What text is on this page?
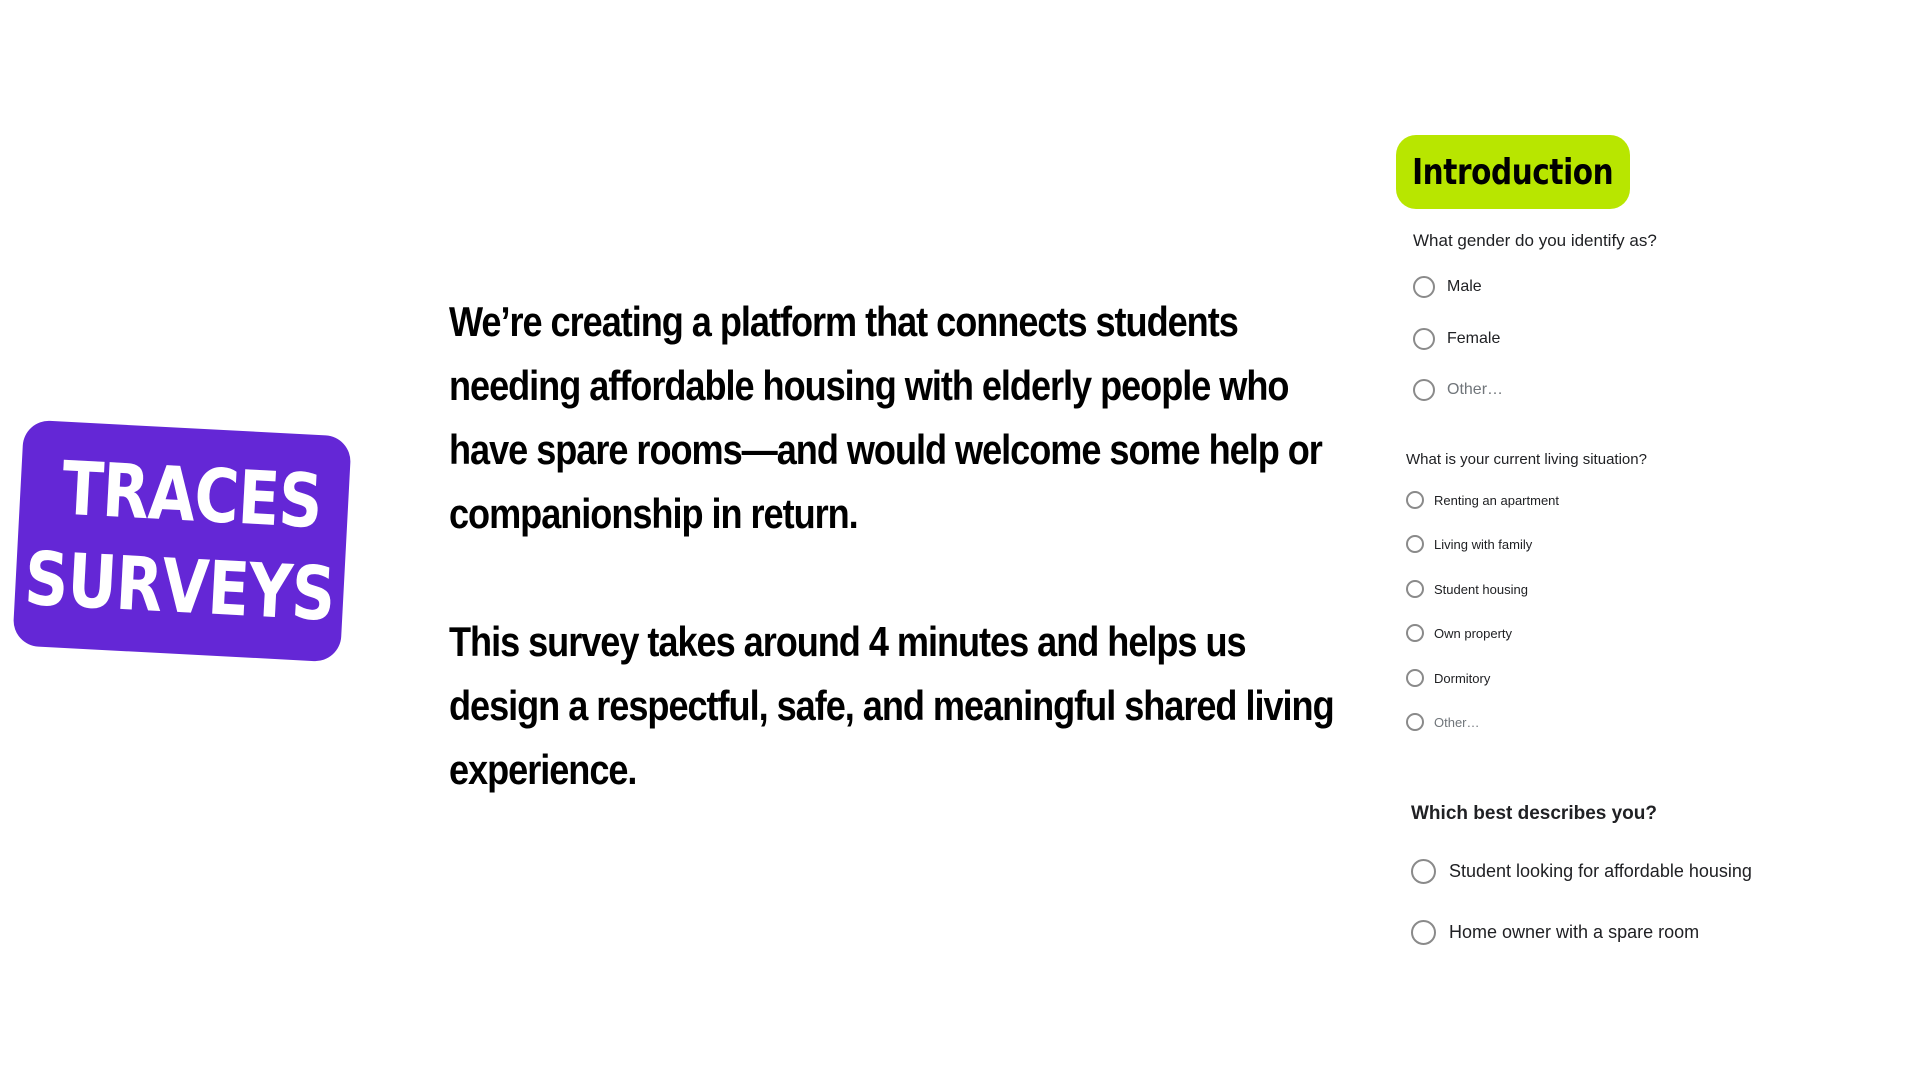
TRACES
SURVEYS

We’re creating a platform that connects students needing affordable housing with elderly people who have spare rooms—and would welcome some help or companionship in return.

This survey takes around 4 minutes and helps us design a respectful, safe, and meaningful shared living experience.

Introduction
What gender do you identify as?
Male
Female
Other…
What is your current living situation?
Renting an apartment
Living with family
Student housing
Own property
Dormitory
Other…
Which best describes you?
Student looking for affordable housing
Home owner with a spare room
